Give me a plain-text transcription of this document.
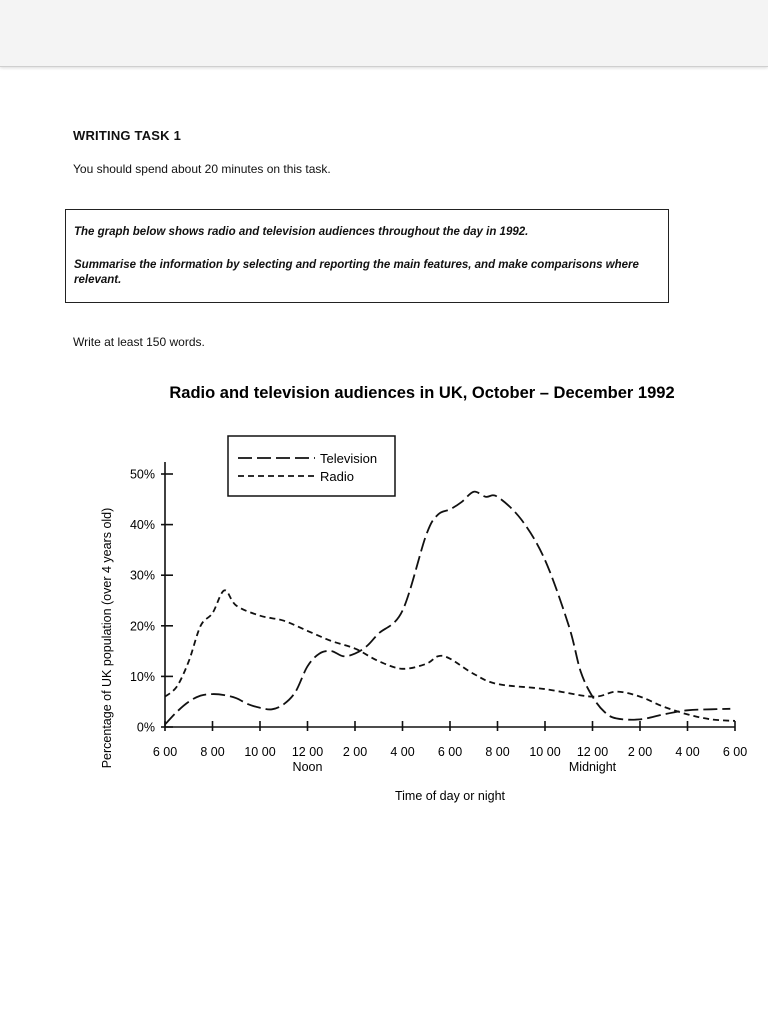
WRITING TASK 1
You should spend about 20 minutes on this task.
The graph below shows radio and television audiences throughout the day in 1992.
Summarise the information by selecting and reporting the main features, and make comparisons where relevant.
Write at least 150 words.
Radio and television audiences in UK, October – December 1992
0%
10%
20%
30%
40%
50%
6 00 8 00 10 00 12 00 2 00 4 00 6 00 8 00 10 00 12 00 2 00 4 00 6 00
Noon	Midnight
Television
Radio
Time of day or night
Percentage of UK population (over 4 years old)
